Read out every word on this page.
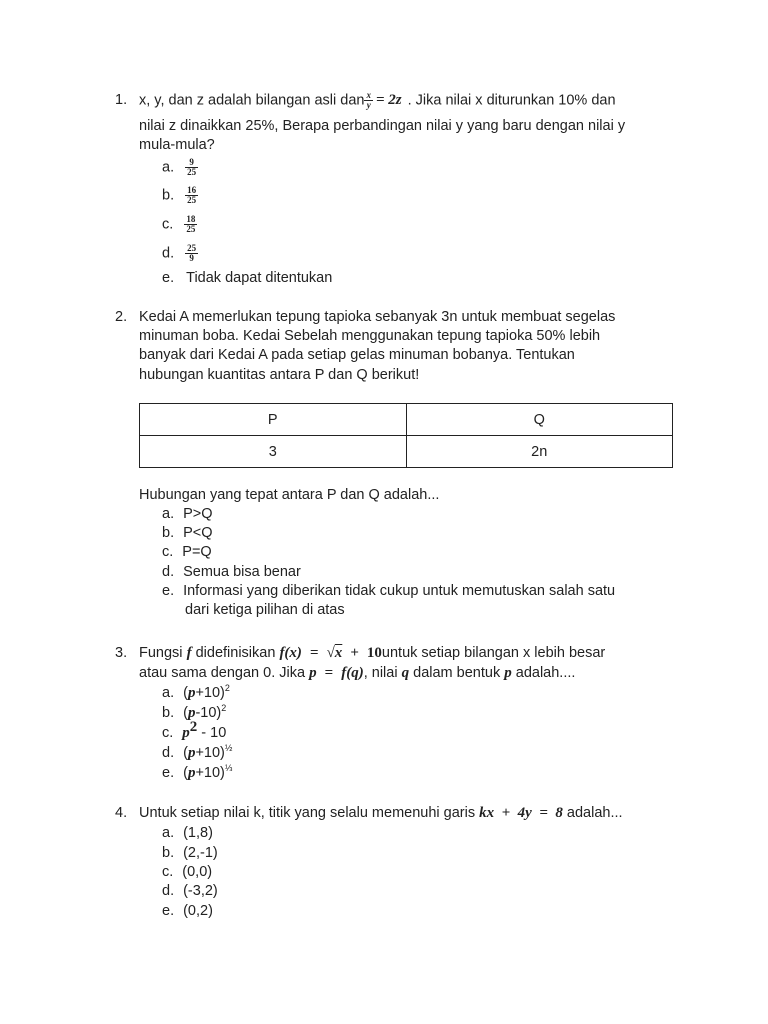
1. x, y, dan z adalah bilangan asli dan $\frac{x}{y} = 2z$ . Jika nilai x diturunkan 10% dan
nilai z dinaikkan 25%, Berapa perbandingan nilai y yang baru dengan nilai y
mula-mula?
a. $\frac{9}{25}$
b. $\frac{16}{25}$
c. $\frac{18}{25}$
d. $\frac{25}{9}$
e. Tidak dapat ditentukan
2. Kedai A memerlukan tepung tapioka sebanyak 3n untuk membuat segelas
minuman boba. Kedai Sebelah menggunakan tepung tapioka 50% lebih
banyak dari Kedai A pada setiap gelas minuman bobanya. Tentukan
hubungan kuantitas antara P dan Q berikut!
P	Q
3	2n
Hubungan yang tepat antara P dan Q adalah...
a. P>Q
b. P<Q
c. P=Q
d. Semua bisa benar
e. Informasi yang diberikan tidak cukup untuk memutuskan salah satu
dari ketiga pilihan di atas
3. Fungsi f didefinisikan f(x) = √x + 10untuk setiap bilangan x lebih besar
atau sama dengan 0. Jika p = f(q), nilai q dalam bentuk p adalah....
a. $(p+10)^2$
b. $(p-10)^2$
c. $p^2 - 10$
d. $(p+10)^{\frac{1}{2}}$
e. $(p+10)^{\frac{1}{3}}$
4. Untuk setiap nilai k, titik yang selalu memenuhi garis kx  +  4y  =  8 adalah...
a. (1,8)
b. (2,-1)
c. (0,0)
d. (-3,2)
e. (0,2)
